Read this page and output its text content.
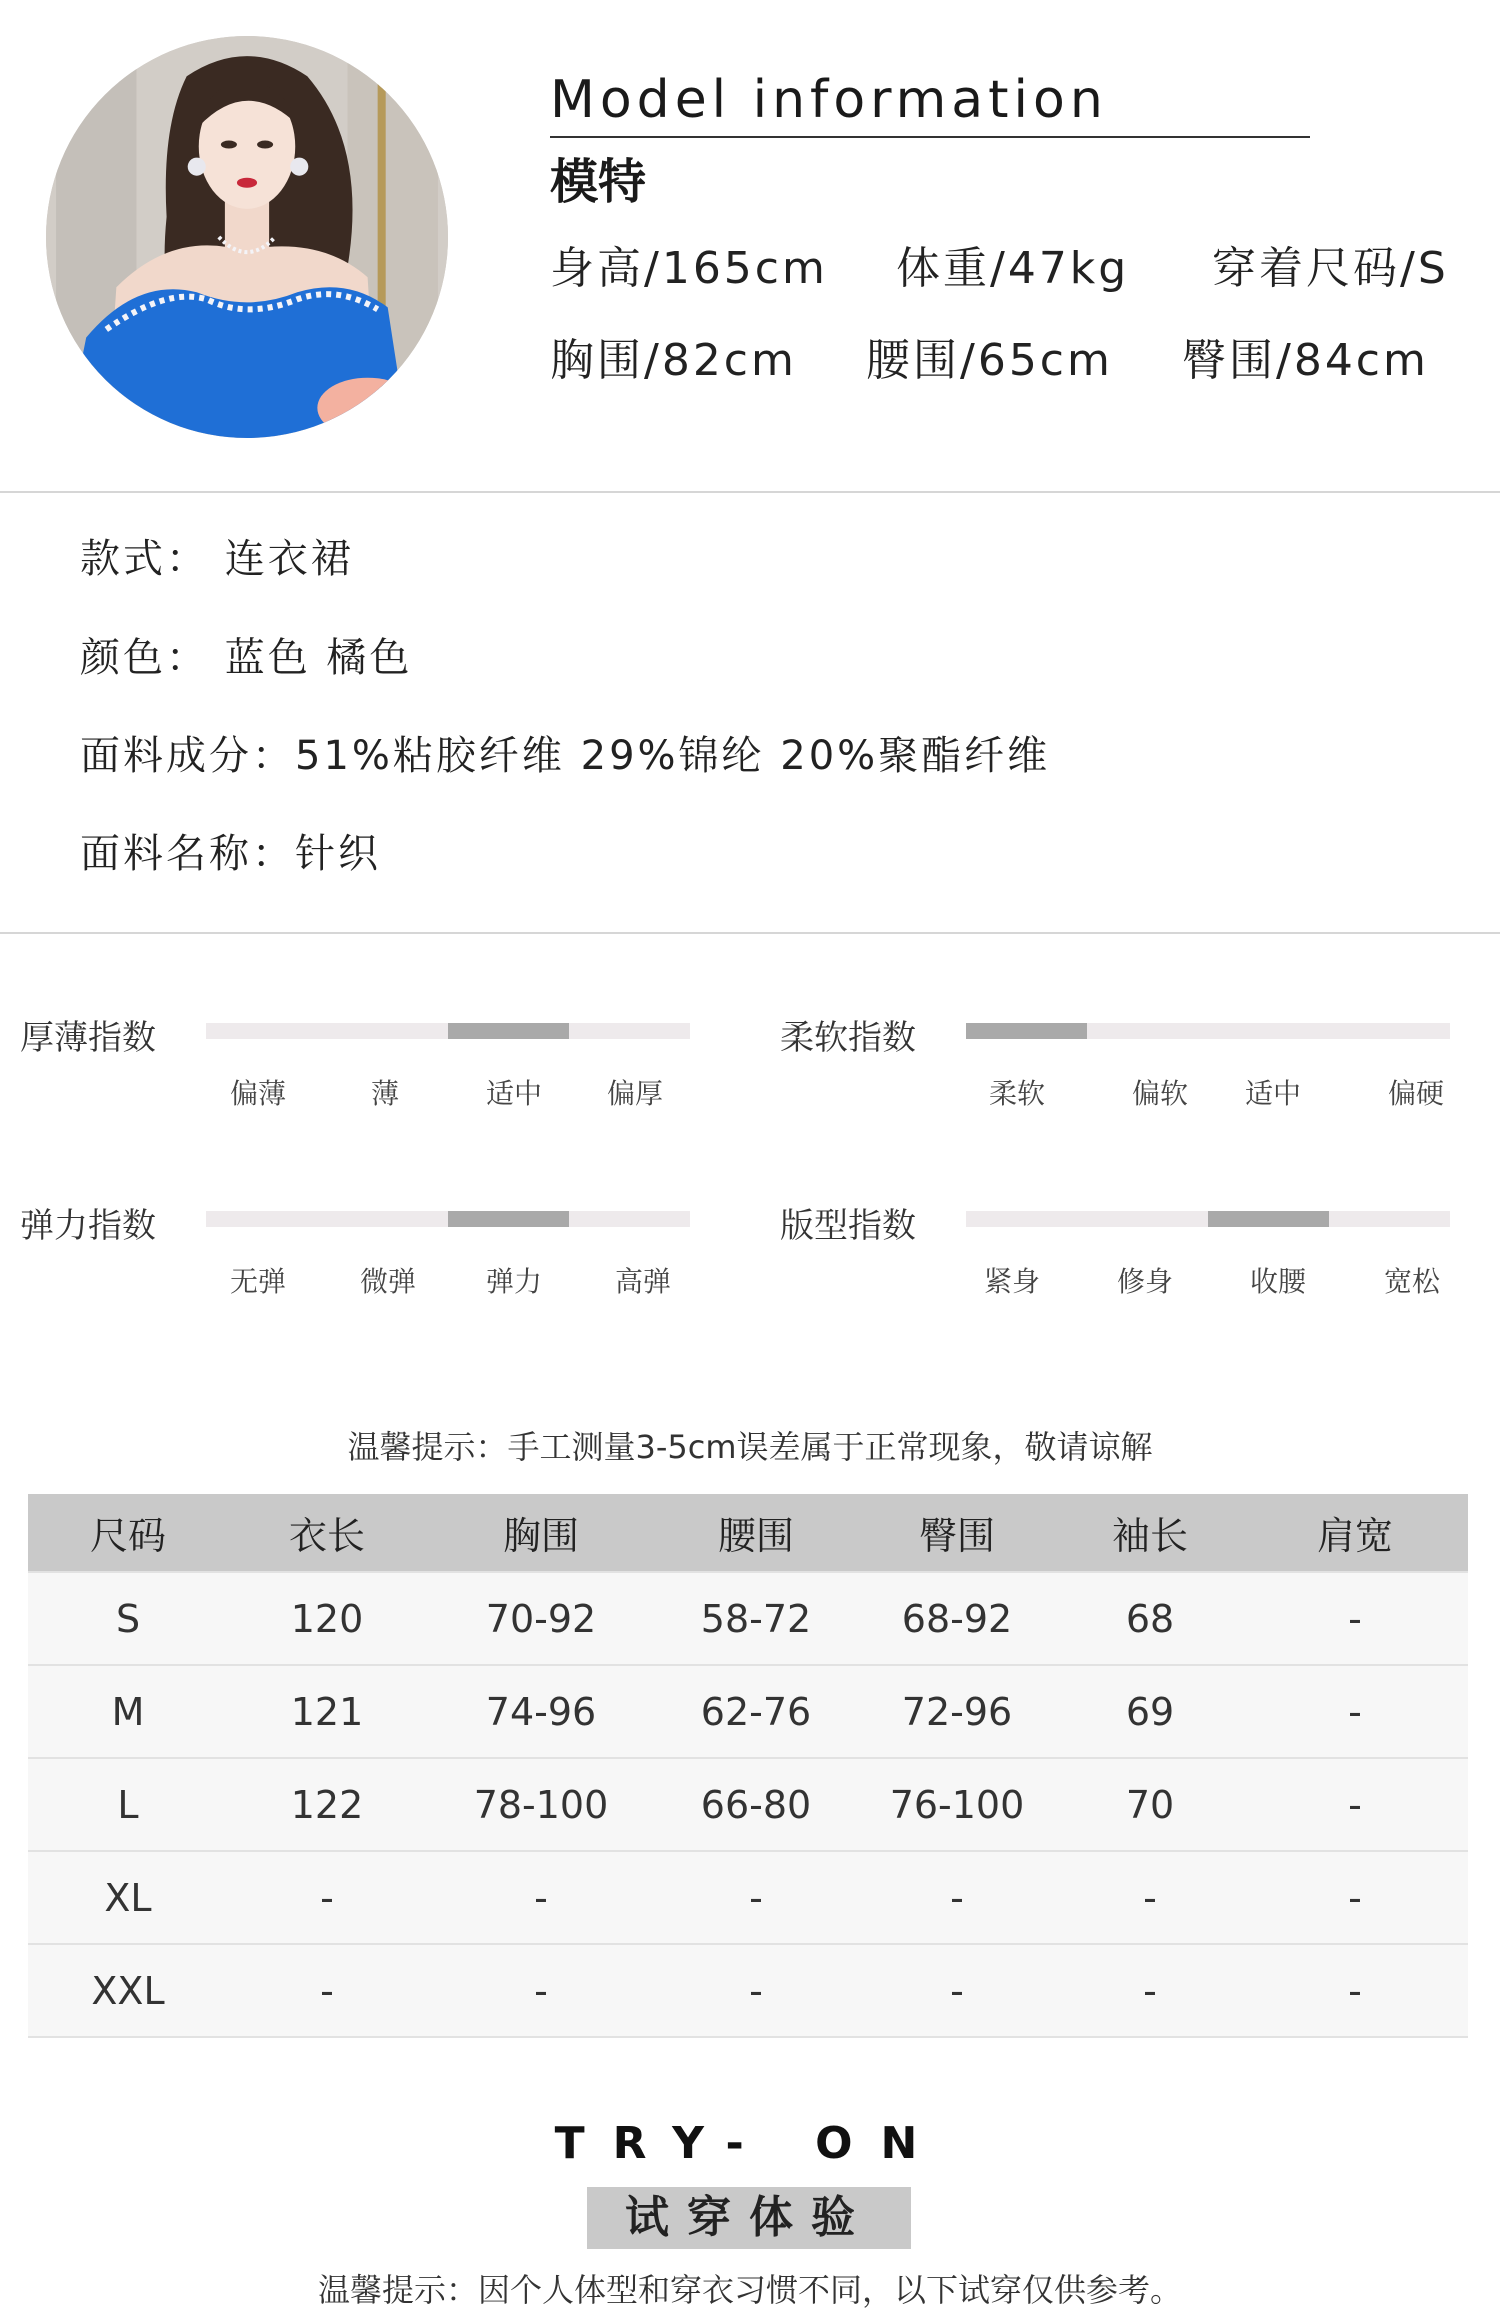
Model information
模特
身高/165cm 体重/47kg 穿着尺码/S
胸围/82cm 腰围/65cm 臀围/84cm
款式： 连衣裙
颜色： 蓝色 橘色
面料成分：51%粘胶纤维 29%锦纶 20%聚酯纤维
面料名称：针织
厚薄指数
偏薄	薄	适中 偏厚
柔软指数
柔软	偏软 适中	偏硬
弹力指数
无弹	微弹 弹力	高弹
版型指数
紧身	修身	收腰	宽松
温馨提示：手工测量3-5cm误差属于正常现象，敬请谅解
尺码	衣长	胸围	腰围	臀围	袖长	肩宽
S	120	70-92	58-72	68-92	68	-
M	121	74-96	62-76	72-96	69	-
L	122	78-100	66-80	76-100	70	-
XL	-	-	-	-	-	-
XXL	-	-	-	-	-	-
TRY- ON
试穿体验
温馨提示：因个人体型和穿衣习惯不同，以下试穿仅供参考。
